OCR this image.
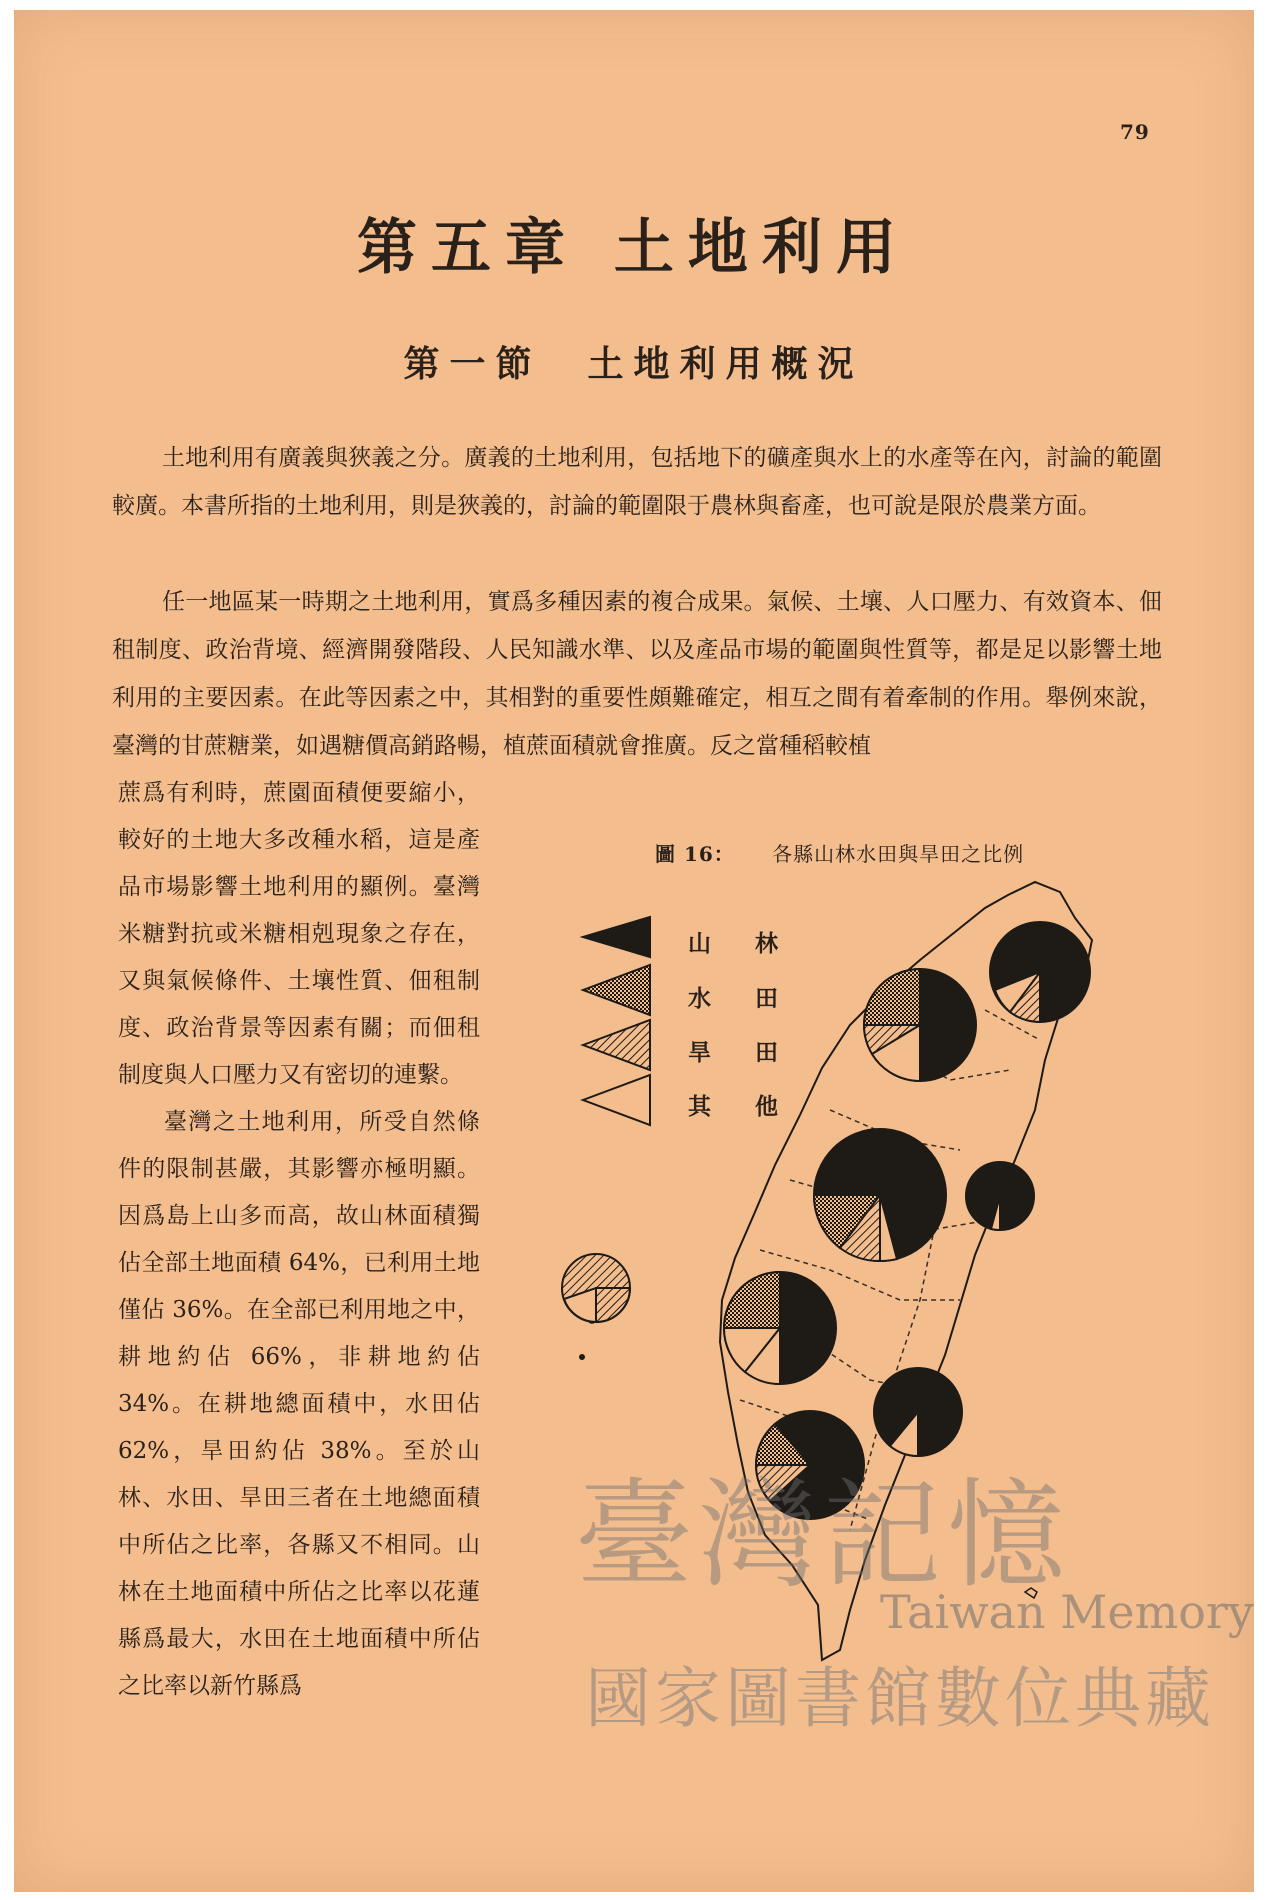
79
第五章 土地利用
第一節　土地利用概況

土地利用有廣義與狹義之分。廣義的土地利用，包括地下的礦產與水上的水產等在內，討論的範圍較廣。本書所指的土地利用，則是狹義的，討論的範圍限于農林與畜產，也可說是限於農業方面。

任一地區某一時期之土地利用，實爲多種因素的複合成果。氣候、土壤、人口壓力、有效資本、佃租制度、政治背境、經濟開發階段、人民知識水準、以及產品市場的範圍與性質等，都是足以影響土地利用的主要因素。在此等因素之中，其相對的重要性頗難確定，相互之間有着牽制的作用。舉例來說，臺灣的甘蔗糖業，如遇糖價高銷路暢，植蔗面積就會推廣。反之當種稻較植

蔗爲有利時，蔗園面積便要縮小，較好的土地大多改種水稻，這是產品市場影響土地利用的顯例。臺灣米糖對抗或米糖相剋現象之存在，又與氣候條件、土壤性質、佃租制度、政治背景等因素有關；而佃租制度與人口壓力又有密切的連繫。

臺灣之土地利用，所受自然條件的限制甚嚴，其影響亦極明顯。因爲島上山多而高，故山林面積獨佔全部土地面積 64%，已利用土地僅佔 36%。在全部已利用地之中，耕地約佔 66%，非耕地約佔 34%。在耕地總面積中，水田佔 62%，旱田約佔 38%。至於山林、水田、旱田三者在土地總面積中所佔之比率，各縣又不相同。山林在土地面積中所佔之比率以花蓮縣爲最大，水田在土地面積中所佔之比率以新竹縣爲

圖 16： 各縣山林水田與旱田之比例
山林
水田
旱田
其他
臺灣記憶
Taiwan Memory
國家圖書館數位典藏
